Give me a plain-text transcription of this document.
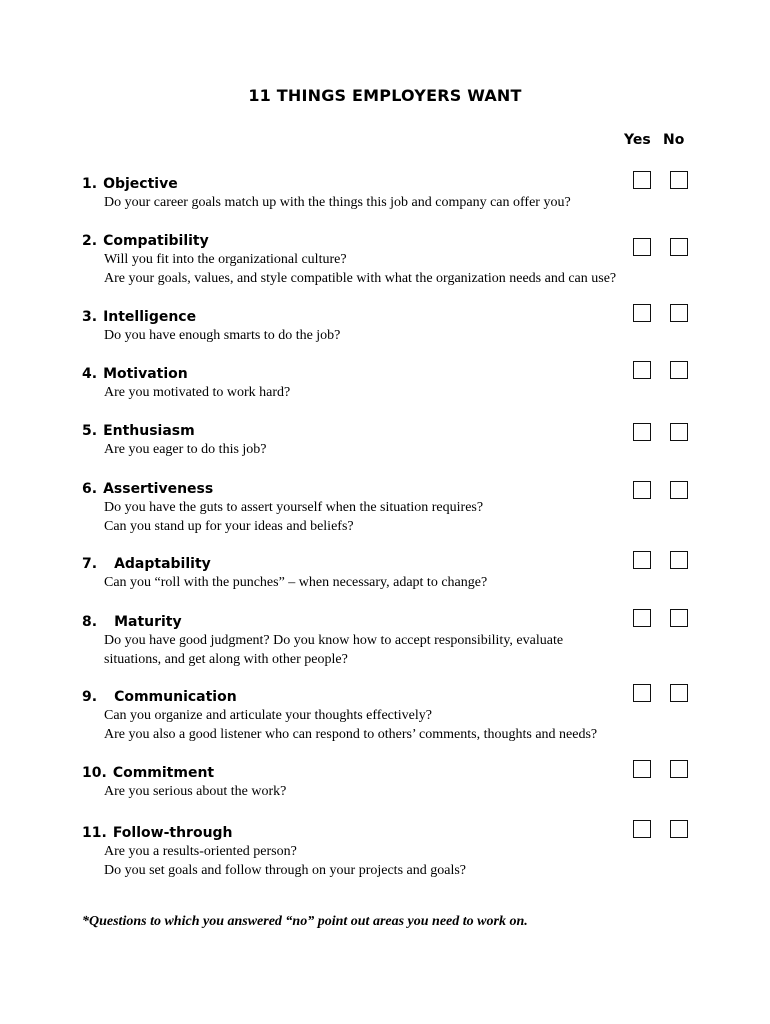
11 THINGS EMPLOYERS WANT
Yes No
1. Objective
Do your career goals match up with the things this job and company can offer you?
2. Compatibility
Will you fit into the organizational culture?
Are your goals, values, and style compatible with what the organization needs and can use?
3. Intelligence
Do you have enough smarts to do the job?
4. Motivation
Are you motivated to work hard?
5. Enthusiasm
Are you eager to do this job?
6. Assertiveness
Do you have the guts to assert yourself when the situation requires?
Can you stand up for your ideas and beliefs?
7. Adaptability
Can you “roll with the punches” – when necessary, adapt to change?
8. Maturity
Do you have good judgment? Do you know how to accept responsibility, evaluate
situations, and get along with other people?
9. Communication
Can you organize and articulate your thoughts effectively?
Are you also a good listener who can respond to others’ comments, thoughts and needs?
10. Commitment
Are you serious about the work?
11. Follow-through
Are you a results-oriented person?
Do you set goals and follow through on your projects and goals?
*Questions to which you answered “no” point out areas you need to work on.
